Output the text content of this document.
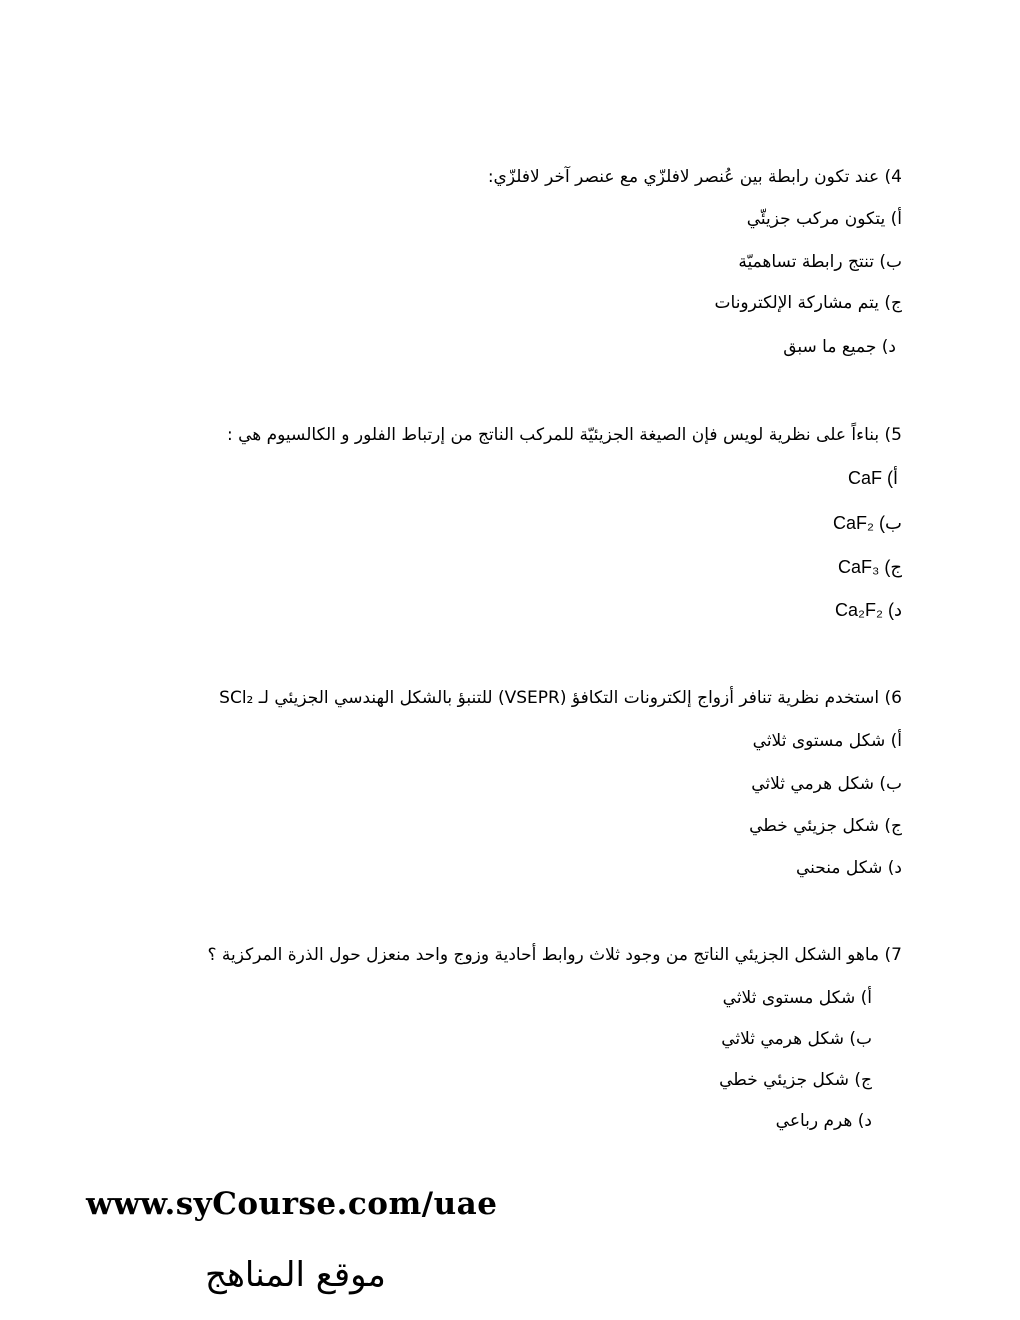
4) عند تكون رابطة بين عُنصر لافلزّي مع عنصر آخر لافلزّي:
أ) يتكون مركب جزيئّي
ب) تنتج رابطة تساهميّة
ج) يتم مشاركة الإلكترونات
د) جميع ما سبق
5) بناءاً على نظرية لويس فإن الصيغة الجزيئيّة للمركب الناتج من إرتباط الفلور و الكالسيوم هي :
أ) CaF
ب) CaF₂
ج) CaF₃
د) Ca₂F₂
6) استخدم نظرية تنافر أزواج إلكترونات التكافؤ (VSEPR) للتنبؤ بالشكل الهندسي الجزيئي لـ SCl₂
أ) شكل مستوى ثلاثي
ب) شكل هرمي ثلاثي
ج) شكل جزيئي خطي
د) شكل منحني
7) ماهو الشكل الجزيئي الناتج من وجود ثلاث روابط أحادية وزوج واحد منعزل حول الذرة المركزية ؟
أ) شكل مستوى ثلاثي
ب) شكل هرمي ثلاثي
ج) شكل جزيئي خطي
د) هرم رباعي
www.syCourse.com/uae
موقع المناهج
